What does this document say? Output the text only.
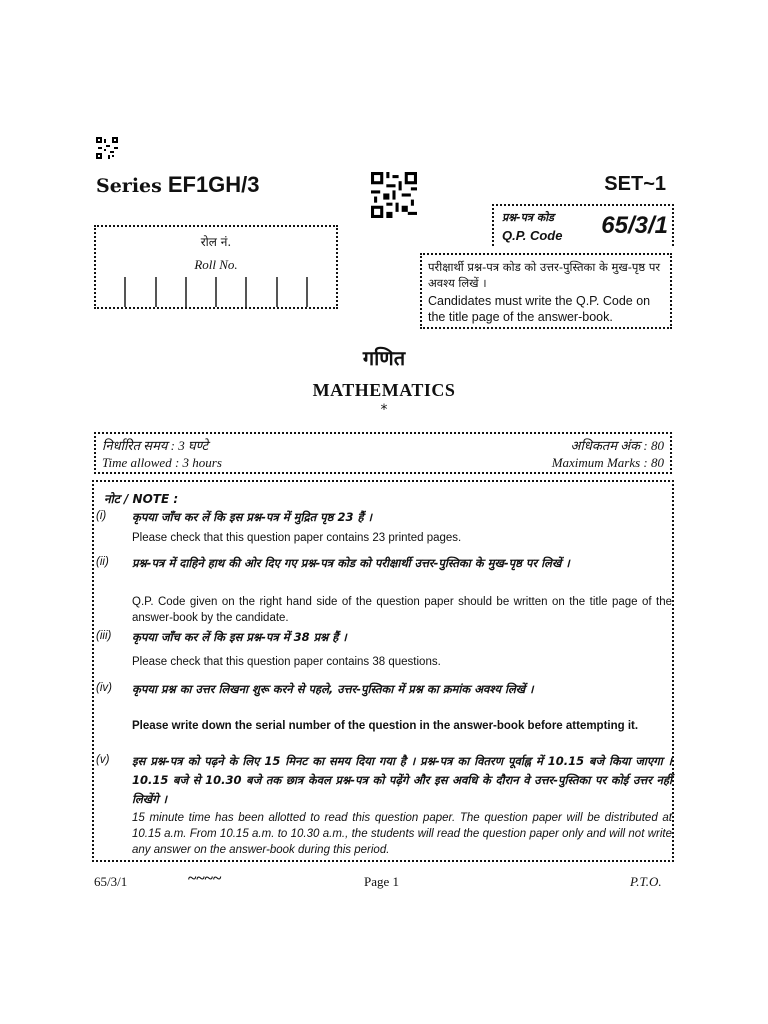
Series EF1GH/3	SET~1
प्रश्न-पत्र कोड
Q.P. Code 65/3/1
रोल नं.
Roll No.	परीक्षार्थी प्रश्न-पत्र कोड को उत्तर-पुस्तिका के मुख-पृष्ठ पर अवश्य लिखें ।
Candidates must write the Q.P. Code on the title page of the answer-book.
गणित
MATHEMATICS
*
निर्धारित समय : 3 घण्टे	अधिकतम अंक : 80
Time allowed : 3 hours	Maximum Marks : 80
नोट / NOTE :
(i) कृपया जाँच कर लें कि इस प्रश्न-पत्र में मुद्रित पृष्ठ 23 हैं ।
Please check that this question paper contains 23 printed pages.
(ii) प्रश्न-पत्र में दाहिने हाथ की ओर दिए गए प्रश्न-पत्र कोड को परीक्षार्थी उत्तर-पुस्तिका के मुख-पृष्ठ पर लिखें ।
Q.P. Code given on the right hand side of the question paper should be written on the title page of the answer-book by the candidate.
(iii) कृपया जाँच कर लें कि इस प्रश्न-पत्र में 38 प्रश्न हैं ।
Please check that this question paper contains 38 questions.
(iv) कृपया प्रश्न का उत्तर लिखना शुरू करने से पहले, उत्तर-पुस्तिका में प्रश्न का क्रमांक अवश्य लिखें ।
Please write down the serial number of the question in the answer-book before attempting it.
(v) इस प्रश्न-पत्र को पढ़ने के लिए 15 मिनट का समय दिया गया है । प्रश्न-पत्र का वितरण पूर्वाह्न में 10.15 बजे किया जाएगा । 10.15 बजे से 10.30 बजे तक छात्र केवल प्रश्न-पत्र को पढ़ेंगे और इस अवधि के दौरान वे उत्तर-पुस्तिका पर कोई उत्तर नहीं लिखेंगे ।
15 minute time has been allotted to read this question paper. The question paper will be distributed at 10.15 a.m. From 10.15 a.m. to 10.30 a.m., the students will read the question paper only and will not write any answer on the answer-book during this period.
65/3/1	~~~~	Page 1	P.T.O.
